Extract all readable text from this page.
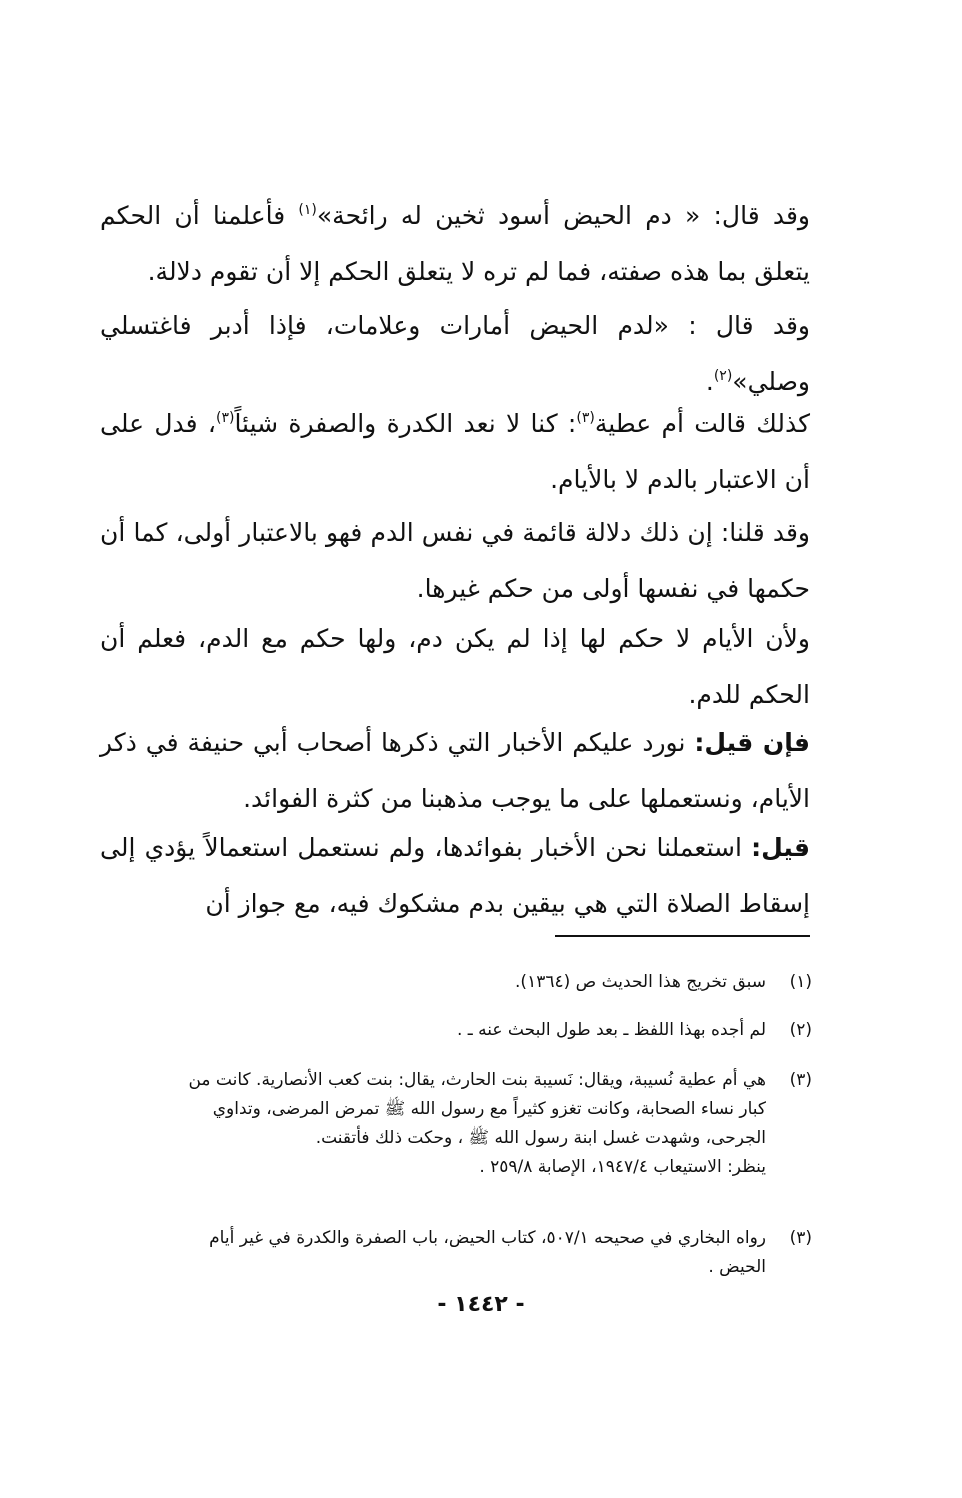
وقد قال: « دم الحيض أسود ثخين له رائحة»$^{(١)}$ فأعلمنا أن الحكم يتعلق بما هذه صفته، فما لم تره لا يتعلق الحكم إلا أن تقوم دلالة.

وقد قال : «لدم الحيض أمارات وعلامات، فإذا أدبر فاغتسلي وصلي»$^{(٢)}$.

كذلك قالت أم عطية$^{(٣)}$: كنا لا نعد الكدرة والصفرة شيئاً$^{(٣)}$، فدل على أن الاعتبار بالدم لا بالأيام.

وقد قلنا: إن ذلك دلالة قائمة في نفس الدم فهو بالاعتبار أولى، كما أن حكمها في نفسها أولى من حكم غيرها.

ولأن الأيام لا حكم لها إذا لم يكن دم، ولها حكم مع الدم، فعلم أن الحكم للدم.

فإن قيل: نورد عليكم الأخبار التي ذكرها أصحاب أبي حنيفة في ذكر الأيام، ونستعملها على ما يوجب مذهبنا من كثرة الفوائد.

قيل: استعملنا نحن الأخبار بفوائدها، ولم نستعمل استعمالاً يؤدي إلى إسقاط الصلاة التي هي بيقين بدم مشكوك فيه، مع جواز أن

(١)
سبق تخريج هذا الحديث ص (١٣٦٤).
(٢)
لم أجده بهذا اللفظ ـ بعد طول البحث عنه ـ .
(٣)
هي أم عطية نُسيبة، ويقال: نَسيبة بنت الحارث، يقال: بنت كعب الأنصارية. كانت من
كبار نساء الصحابة، وكانت تغزو كثيراً مع رسول الله ﷺ تمرض المرضى، وتداوي
الجرحى، وشهدت غسل ابنة رسول الله ﷺ ، وحكت ذلك فأتقنت.
ينظر: الاستيعاب ١٩٤٧/٤، الإصابة ٢٥٩/٨ .
(٣)
رواه البخاري في صحيحه ٥٠٧/١، كتاب الحيض، باب الصفرة والكدرة في غير أيام
الحيض .
- ١٤٤٢ -
